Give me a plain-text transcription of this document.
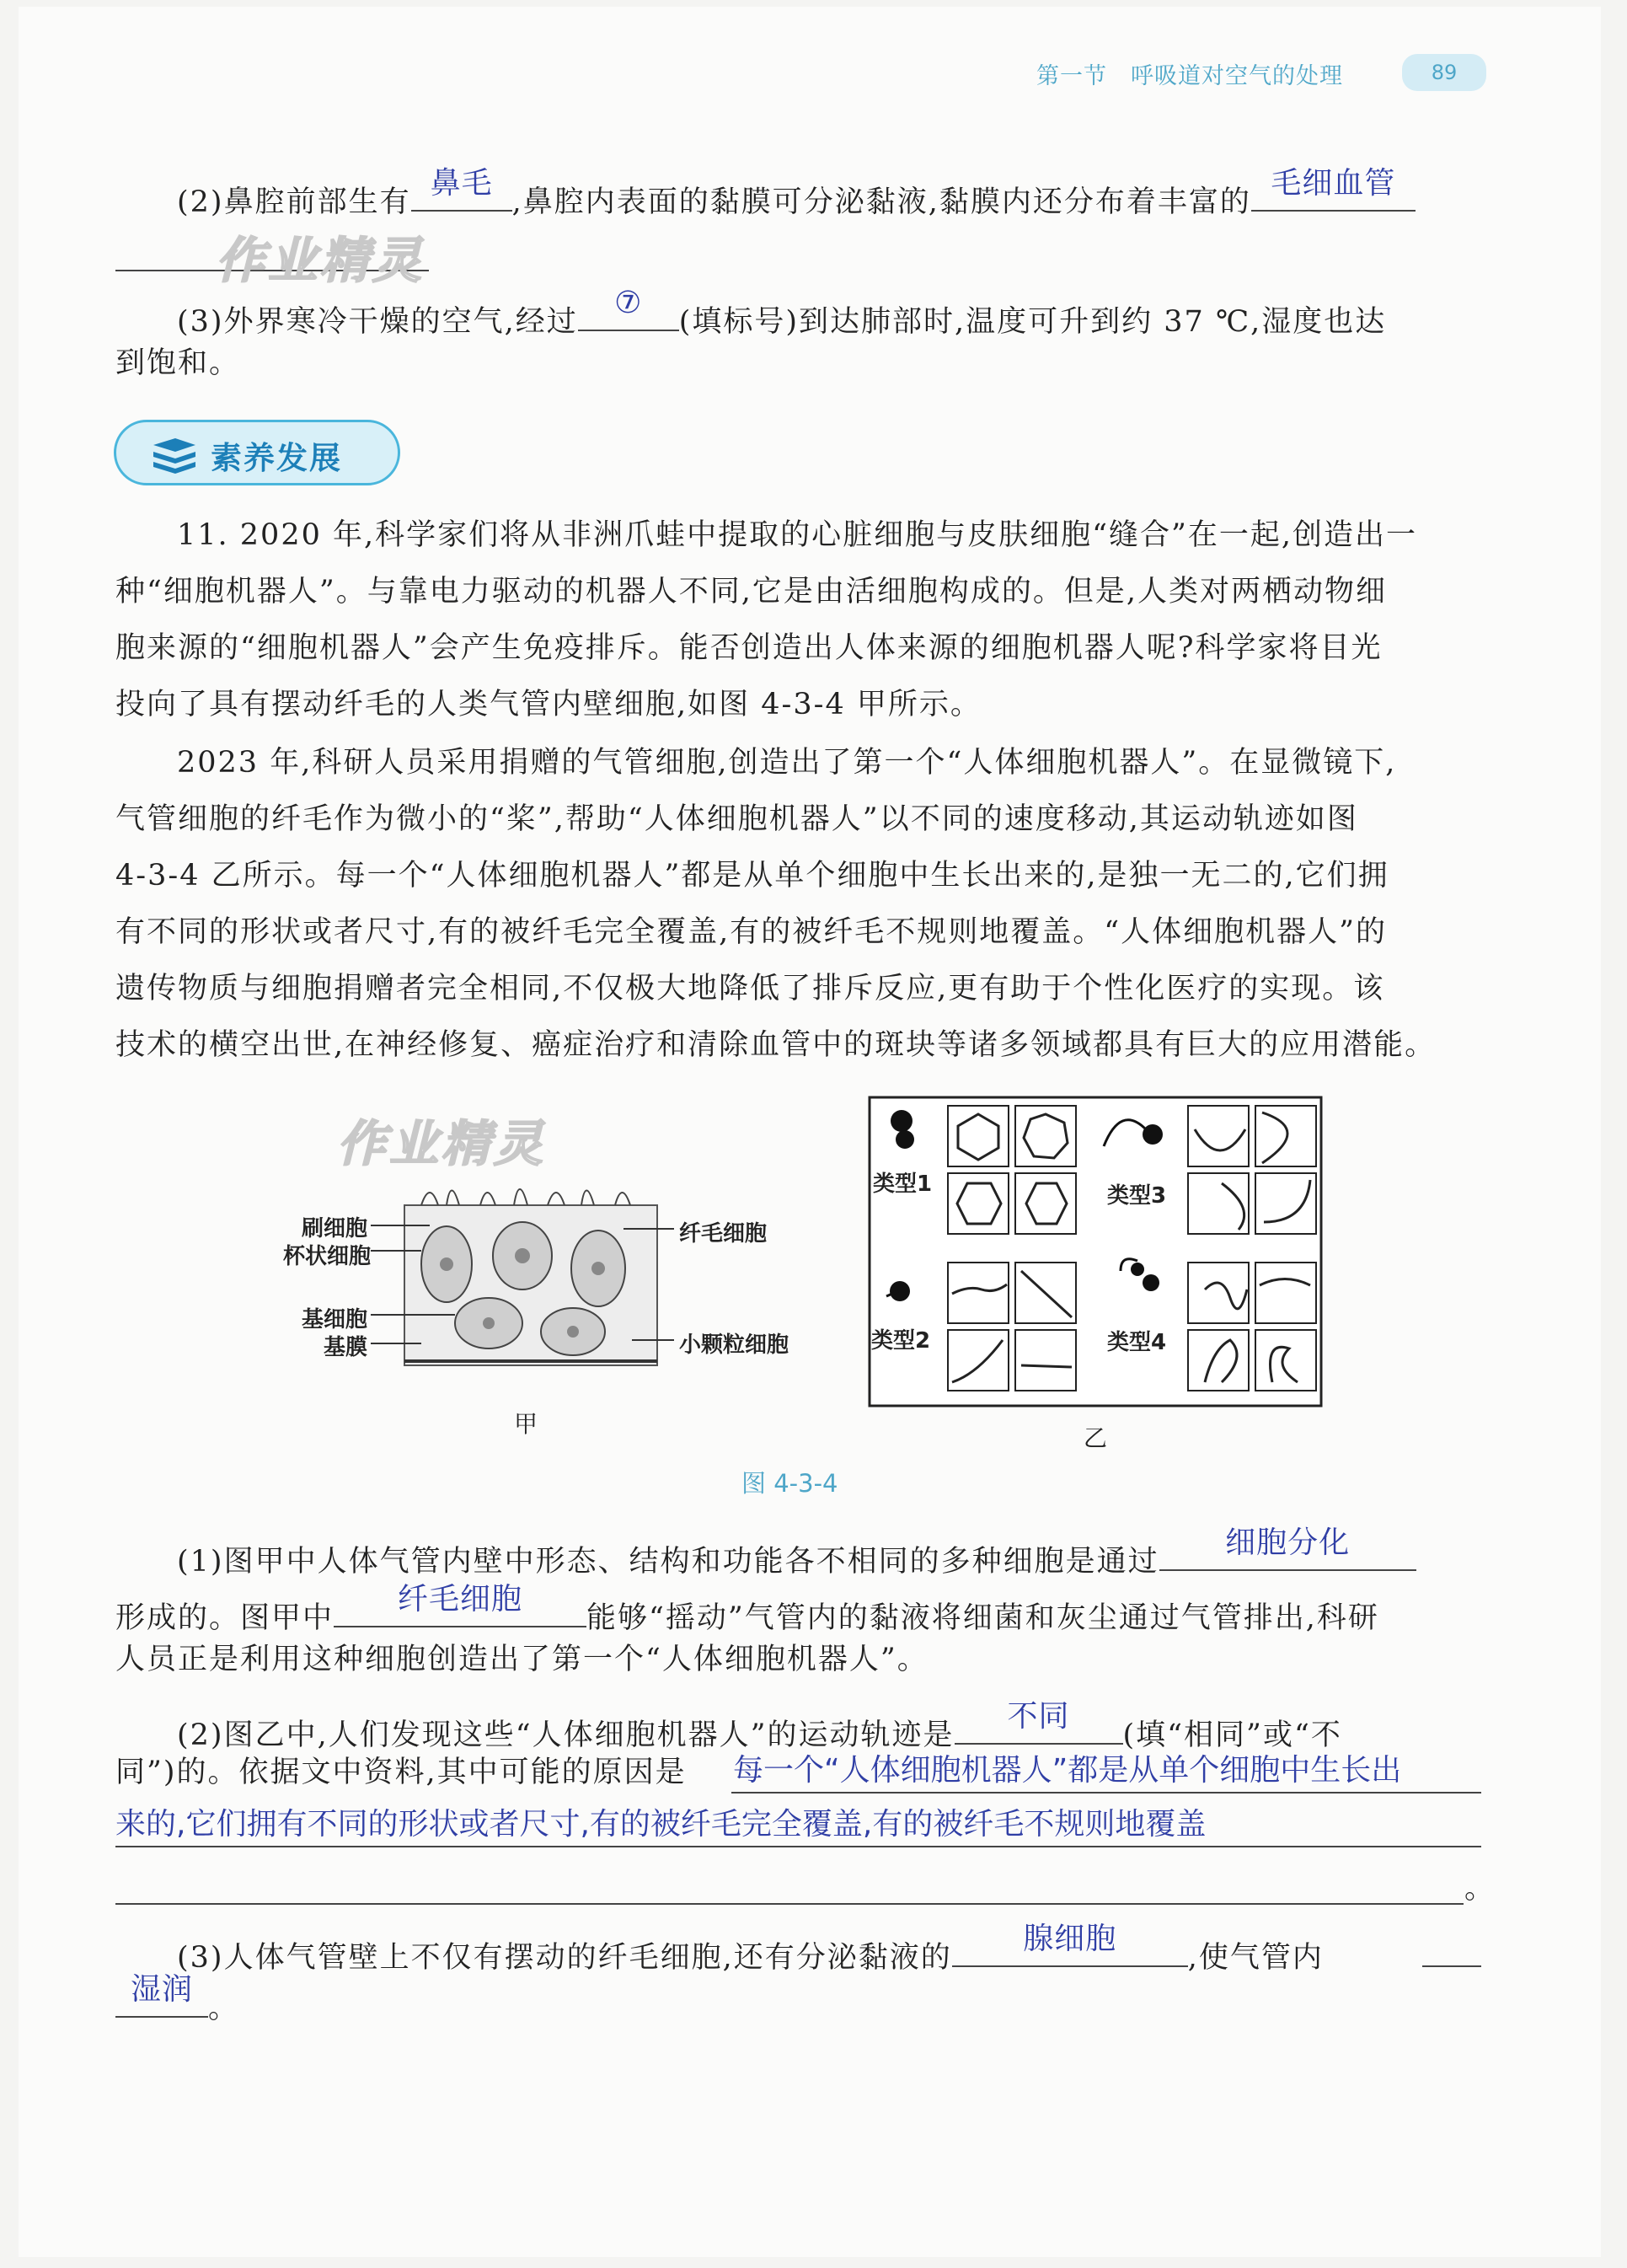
第一节 呼吸道对空气的处理	89
(2)鼻腔前部生有
鼻毛
,鼻腔内表面的黏膜可分泌黏液,黏膜内还分布着丰富的
毛细血管
作业精灵
(3)外界寒冷干燥的空气,经过
⑦
(填标号)到达肺部时,温度可升到约 37 ℃,湿度也达
到饱和。
素养发展
11. 2020 年,科学家们将从非洲爪蛙中提取的心脏细胞与皮肤细胞“缝合”在一起,创造出一
种“细胞机器人”。与靠电力驱动的机器人不同,它是由活细胞构成的。但是,人类对两栖动物细
胞来源的“细胞机器人”会产生免疫排斥。能否创造出人体来源的细胞机器人呢?科学家将目光
投向了具有摆动纤毛的人类气管内壁细胞,如图 4-3-4 甲所示。
2023 年,科研人员采用捐赠的气管细胞,创造出了第一个“人体细胞机器人”。在显微镜下,
气管细胞的纤毛作为微小的“桨”,帮助“人体细胞机器人”以不同的速度移动,其运动轨迹如图
4-3-4 乙所示。每一个“人体细胞机器人”都是从单个细胞中生长出来的,是独一无二的,它们拥
有不同的形状或者尺寸,有的被纤毛完全覆盖,有的被纤毛不规则地覆盖。“人体细胞机器人”的
遗传物质与细胞捐赠者完全相同,不仅极大地降低了排斥反应,更有助于个性化医疗的实现。该
技术的横空出世,在神经修复、癌症治疗和清除血管中的斑块等诸多领域都具有巨大的应用潜能。
作业精灵
刷细胞
杯状细胞
基细胞
基膜
纤毛细胞
小颗粒细胞
甲
类型1
类型2
类型3
类型4
乙
图 4-3-4
(1)图甲中人体气管内壁中形态、结构和功能各不相同的多种细胞是通过
细胞分化
形成的。图甲中
纤毛细胞
能够“摇动”气管内的黏液将细菌和灰尘通过气管排出,科研
人员正是利用这种细胞创造出了第一个“人体细胞机器人”。
(2)图乙中,人们发现这些“人体细胞机器人”的运动轨迹是
不同
(填“相同”或“不
同”)的。依据文中资料,其中可能的原因是 每一个“人体细胞机器人”都是从单个细胞中生长出
来的,它们拥有不同的形状或者尺寸,有的被纤毛完全覆盖,有的被纤毛不规则地覆盖
。
(3)人体气管壁上不仅有摆动的纤毛细胞,还有分泌黏液的
腺细胞
,使气管内
湿润
。
